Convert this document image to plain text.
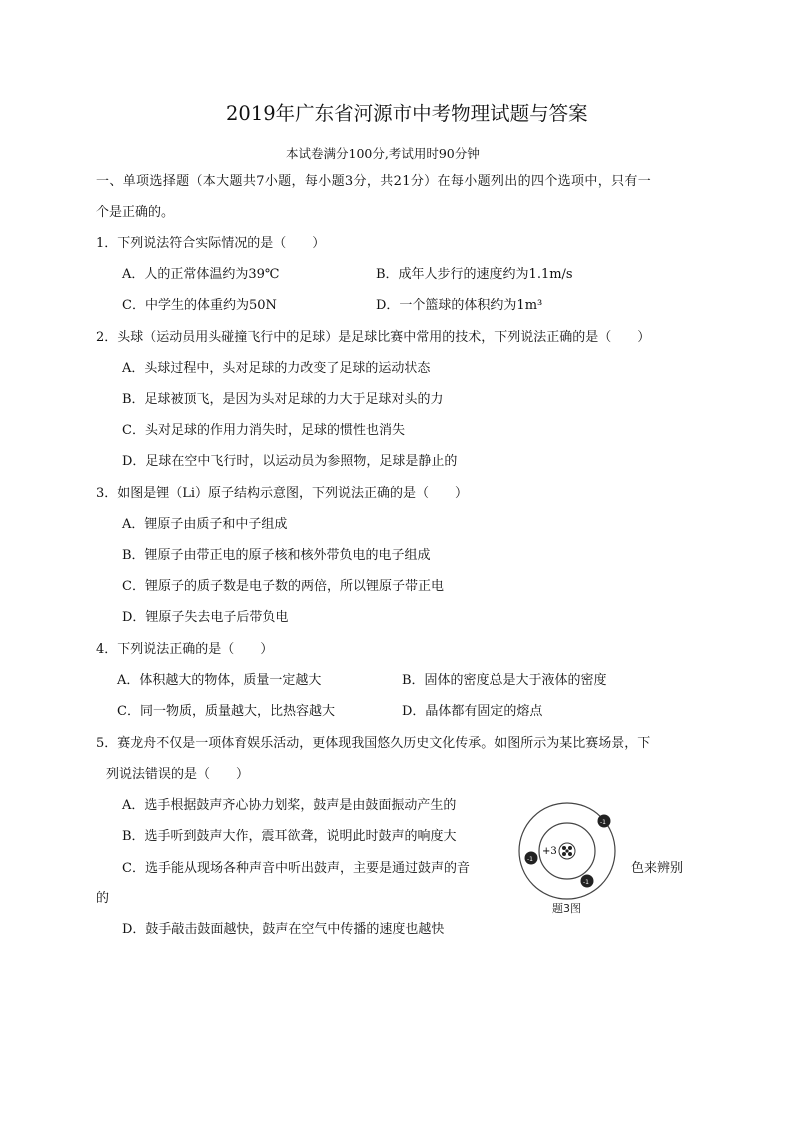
2019年广东省河源市中考物理试题与答案
本试卷满分100分,考试用时90分钟
一、单项选择题（本大题共7小题，每小题3分，共21分）在每小题列出的四个选项中，只有一
个是正确的。
1．下列说法符合实际情况的是（　　）
A．人的正常体温约为39℃	B．成年人步行的速度约为1.1m/s
C．中学生的体重约为50N	D．一个篮球的体积约为1m³
2．头球（运动员用头碰撞飞行中的足球）是足球比赛中常用的技术，下列说法正确的是（　　）
A．头球过程中，头对足球的力改变了足球的运动状态
B．足球被顶飞，是因为头对足球的力大于足球对头的力
C．头对足球的作用力消失时，足球的惯性也消失
D．足球在空中飞行时，以运动员为参照物，足球是静止的
3．如图是锂（Li）原子结构示意图，下列说法正确的是（　　）
A．锂原子由质子和中子组成
B．锂原子由带正电的原子核和核外带负电的电子组成
C．锂原子的质子数是电子数的两倍，所以锂原子带正电
D．锂原子失去电子后带负电
4．下列说法正确的是（　　）
A．体积越大的物体，质量一定越大	B．固体的密度总是大于液体的密度
C．同一物质，质量越大，比热容越大	D．晶体都有固定的熔点
5．赛龙舟不仅是一项体育娱乐活动，更体现我国悠久历史文化传承。如图所示为某比赛场景，下
列说法错误的是（　　）
A．选手根据鼓声齐心协力划桨，鼓声是由鼓面振动产生的
B．选手听到鼓声大作，震耳欲聋，说明此时鼓声的响度大
C．选手能从现场各种声音中听出鼓声，主要是通过鼓声的音	色来辨别
的
D．鼓手敲击鼓面越快，鼓声在空气中传播的速度也越快
+3
-1
-1
-1
题3图
